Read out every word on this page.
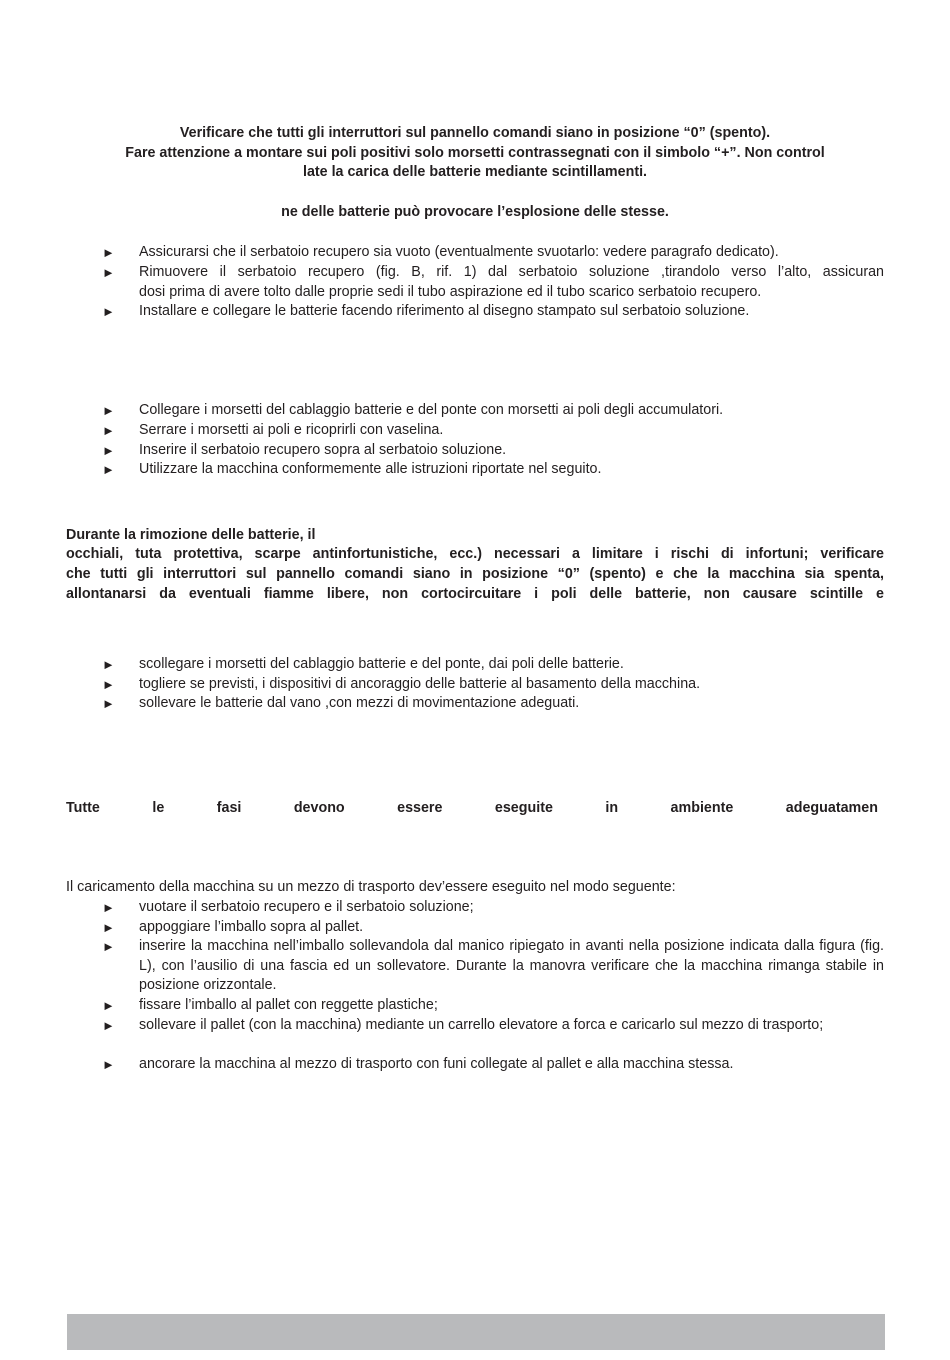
Verificare che tutti gli interruttori sul pannello comandi siano in posizione “0” (spento).
Fare attenzione a montare sui poli positivi solo morsetti contrassegnati con il simbolo “+”. Non control
late la carica delle batterie mediante scintillamenti.
ne delle batterie può provocare l’esplosione delle stesse.
► Assicurarsi che il serbatoio recupero sia vuoto (eventualmente svuotarlo: vedere paragrafo dedicato).
► Rimuovere il serbatoio recupero (fig. B, rif. 1) dal serbatoio soluzione ,tirandolo verso l’alto, assicuran
dosi prima di avere tolto dalle proprie sedi il tubo aspirazione ed il tubo scarico serbatoio recupero.
► Installare e collegare le batterie facendo riferimento al disegno stampato sul serbatoio soluzione.
► Collegare i morsetti del cablaggio batterie e del ponte con morsetti ai poli degli accumulatori.
► Serrare i morsetti ai poli e ricoprirli con vaselina.
► Inserire il serbatoio recupero sopra al serbatoio soluzione.
► Utilizzare la macchina conformemente alle istruzioni riportate nel seguito.
Durante la rimozione delle batterie, il
occhiali, tuta protettiva, scarpe antinfortunistiche, ecc.) necessari a limitare i rischi di infortuni; verificare
che tutti gli interruttori sul pannello comandi siano in posizione “0” (spento) e che la macchina sia spenta,
allontanarsi da eventuali fiamme libere, non cortocircuitare i poli delle batterie, non causare scintille e
► scollegare i morsetti del cablaggio batterie e del ponte, dai poli delle batterie.
► togliere se previsti, i dispositivi di ancoraggio delle batterie al basamento della macchina.
► sollevare le batterie dal vano ,con mezzi di movimentazione adeguati.
Tutte	le	fasi	devono	essere	eseguite	in	ambiente	adeguatamen
Il caricamento della macchina su un mezzo di trasporto dev’essere eseguito nel modo seguente:
► vuotare il serbatoio recupero e il serbatoio soluzione;
► appoggiare l’imballo sopra al pallet.
► inserire la macchina nell’imballo sollevandola dal manico ripiegato in avanti nella posizione indicata dalla figura (fig. L), con l’ausilio di una fascia ed un sollevatore. Durante la manovra verificare che la macchina rimanga stabile in posizione orizzontale.
► fissare l’imballo al pallet con reggette plastiche;
► sollevare il pallet (con la macchina) mediante un carrello elevatore a forca e caricarlo sul mezzo di trasporto;
► ancorare la macchina al mezzo di trasporto con funi collegate al pallet e alla macchina stessa.
